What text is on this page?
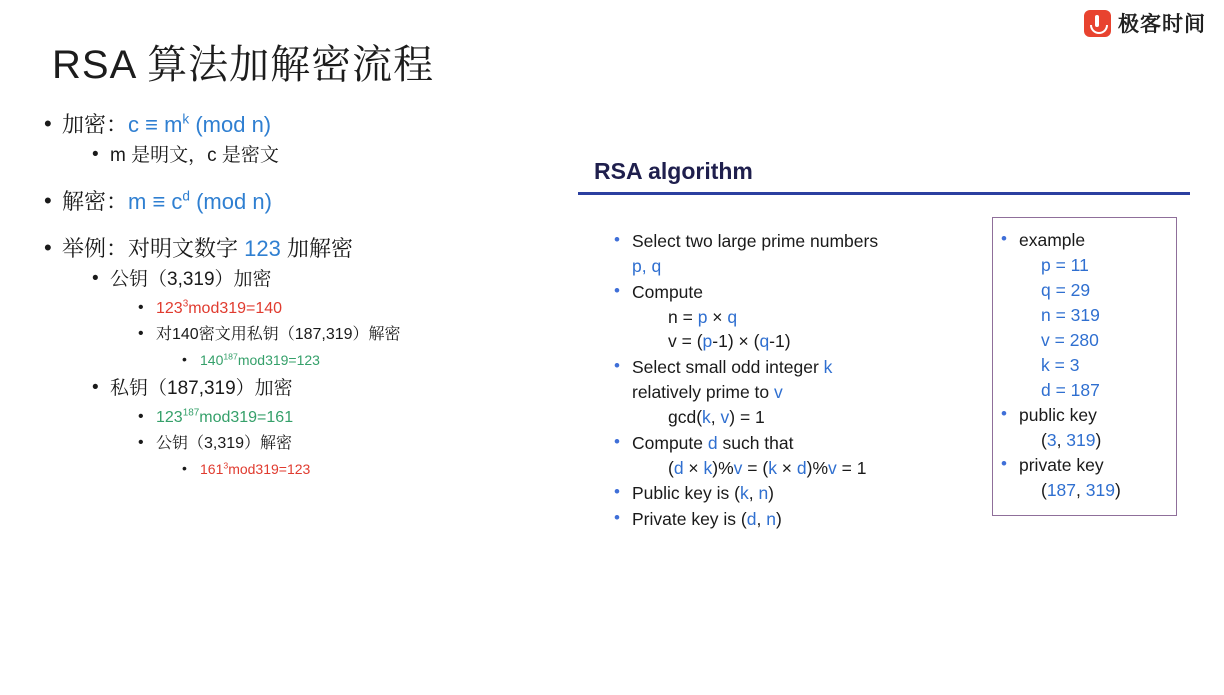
极客时间
RSA 算法加解密流程
• 加密：$c \equiv m^k$ (mod n)
• m 是明文，c 是密文
• 解密：$m \equiv c^d$ (mod n)
• 举例：对明文数字 123 加解密
• 公钥（3,319）加密
• $123^3mod319=140$
• 对140密文用私钥（187,319）解密
• $140^{187}mod319=123$
• 私钥（187,319）加密
• $123^{187}mod319=161$
• 公钥（3,319）解密
• $161^3mod319=123$
RSA algorithm
• Select two large prime numbers
p, q
• Compute
n = p × q
v = (p-1) × (q-1)
• Select small odd integer k
relatively prime to v
gcd(k, v) = 1
• Compute d such that
(d × k)%v = (k × d)%v = 1
• Public key is (k, n)
• Private key is (d, n)
• example
p = 11
q = 29
n = 319
v = 280
k = 3
d = 187
• public key
(3, 319)
• private key
(187, 319)
